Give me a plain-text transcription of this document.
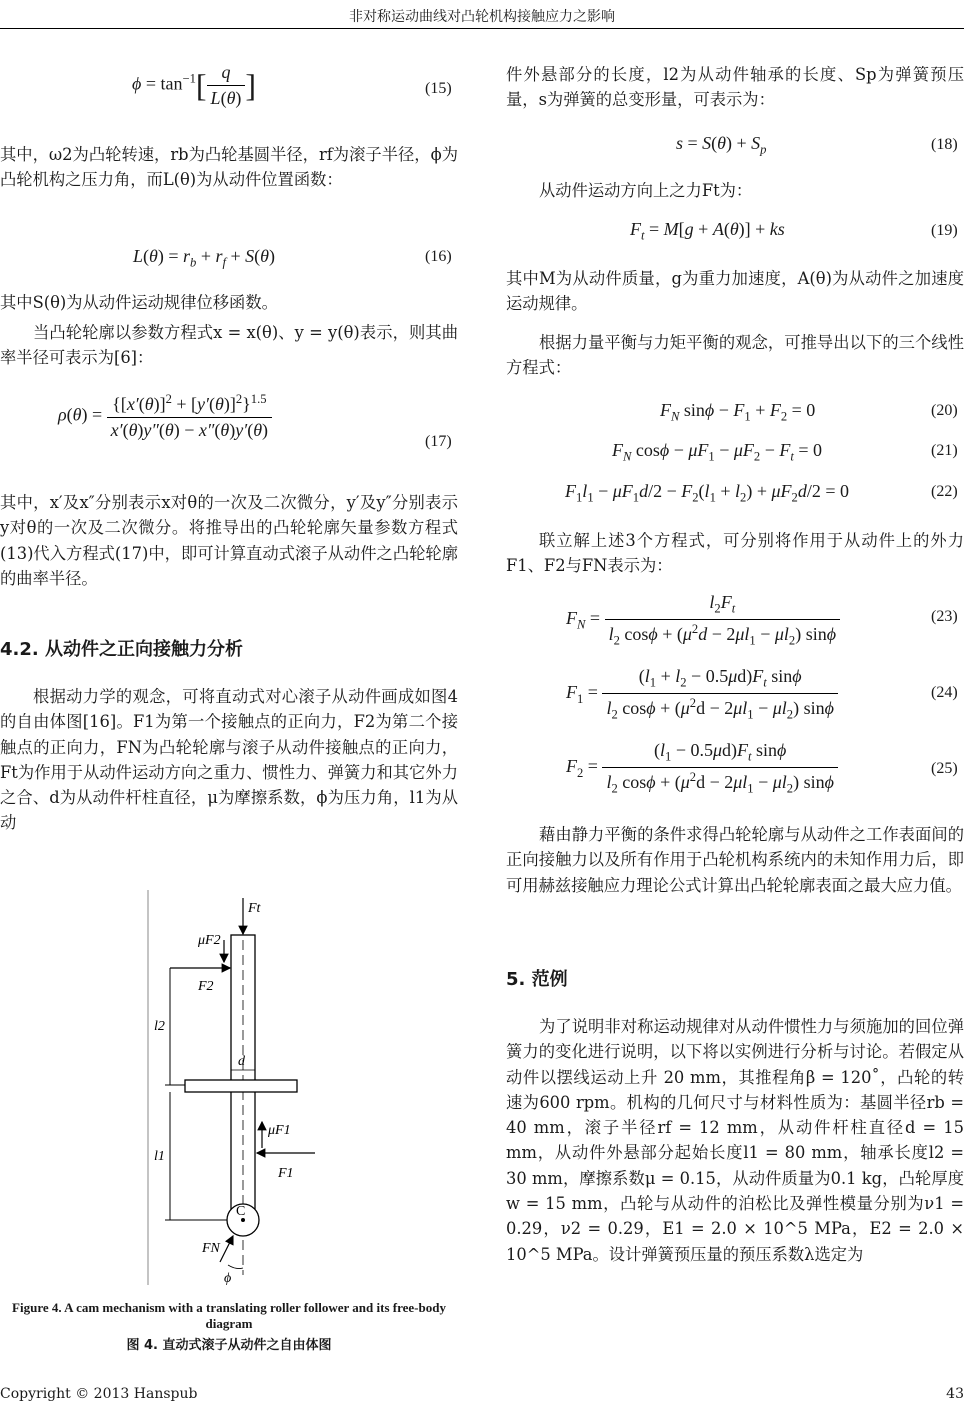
非对称运动曲线对凸轮机构接触应力之影响
$\phi = \tan^{-1}[ \frac{q}{L(\theta)}$ ]	(15)
其中，ω2为凸轮转速，rb为凸轮基圆半径，rf为滚子半径，ϕ为凸轮机构之压力角，而L(θ)为从动件位置函数：
$L(\theta) = r_b + r_f + S(\theta)$	(16)
其中S(θ)为从动件运动规律位移函数。
当凸轮轮廓以参数方程式x = x(θ)、y = y(θ)表示，则其曲率半径可表示为[6]：
$\rho(\theta) = \frac{\{[x'(\theta)]^2 + [y'(\theta)]^2\}^{1.5}}{x'(\theta)y''(\theta) - x''(\theta)y'(\theta)}$
(17)
其中，x′及x″分别表示x对θ的一次及二次微分，y′及y″分别表示y对θ的一次及二次微分。将推导出的凸轮轮廓矢量参数方程式(13)代入方程式(17)中，即可计算直动式滚子从动件之凸轮轮廓的曲率半径。
4.2. 从动件之正向接触力分析
根据动力学的观念，可将直动式对心滚子从动件画成如图4的自由体图[16]。F1为第一个接触点的正向力，F2为第二个接触点的正向力，FN为凸轮轮廓与滚子从动件接触点的正向力，Ft为作用于从动件运动方向之重力、惯性力、弹簧力和其它外力之合、d为从动件杆柱直径，μ为摩擦系数，ϕ为压力角，l1为从动
Ft
μF2
F2
l2
d
μF1
F1
l1
C
FN
ϕ
Figure 4. A cam mechanism with a translating roller follower and its free-body diagram
图 4. 直动式滚子从动件之自由体图
件外悬部分的长度，l2为从动件轴承的长度、Sp为弹簧预压量，s为弹簧的总变形量，可表示为：
$s = S(\theta) + S_p$	(18)
从动件运动方向上之力Ft为：
$F_t = M[g + A(\theta)]$ + ks	(19)
其中M为从动件质量，g为重力加速度，A(θ)为从动件之加速度运动规律。
根据力量平衡与力矩平衡的观念，可推导出以下的三个线性方程式：
$F_N$ $\sin\phi - F_1 + F_2 = 0$	(20)
$F_N$ $\cos\phi - \mu F_1 - \mu F_2 - F_t = 0$	(21)
$F_1l_1 - \mu F_1d/2 - F_2(l_1 + l_2) + \mu F_2d/2 = 0$	(22)
联立解上述3个方程式，可分别将作用于从动件上的外力F1、F2与FN表示为：
$F_N = \frac{l_2F_t}{l_2 \cos\phi + (\mu^2d - 2\mu l_1 - \mu l_2) \sin\phi}$	(23)
$F_1 = \frac{(l_1 + l_2 - 0.5\mu d)F_t \sin\phi}{l_2 \cos\phi + (\mu^2d - 2\mu l_1 - \mu l_2) \sin\phi}$	(24)
$F_2 = \frac{(l_1 - 0.5\mu d)F_t \sin\phi}{l_2 \cos\phi + (\mu^2d - 2\mu l_1 - \mu l_2) \sin\phi}$	(25)
藉由静力平衡的条件求得凸轮轮廓与从动件之工作表面间的正向接触力以及所有作用于凸轮机构系统内的未知作用力后，即可用赫兹接触应力理论公式计算出凸轮轮廓表面之最大应力值。
5. 范例
为了说明非对称运动规律对从动件惯性力与须施加的回位弹簧力的变化进行说明，以下将以实例进行分析与讨论。若假定从动件以摆线运动上升 20 mm，其推程角β = 120˚，凸轮的转速为600 rpm。机构的几何尺寸与材料性质为：基圆半径rb = 40 mm，滚子半径rf = 12 mm，从动件杆柱直径d = 15 mm，从动件外悬部分起始长度l1 = 80 mm，轴承长度l2 = 30 mm，摩擦系数μ = 0.15，从动件质量为0.1 kg，凸轮厚度w = 15 mm，凸轮与从动件的泊松比及弹性模量分别为ν1 = 0.29，ν2 = 0.29，E1 = 2.0 × 10^5 MPa，E2 = 2.0 × 10^5 MPa。设计弹簧预压量的预压系数λ选定为
Copyright © 2013 Hanspub	43
